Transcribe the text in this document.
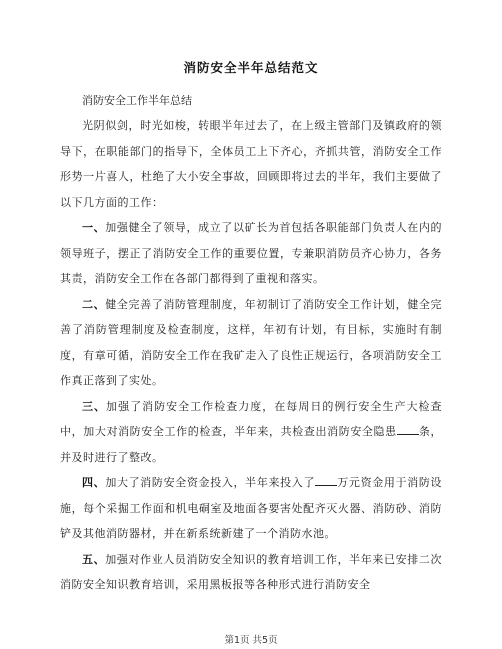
消防安全半年总结范文

消防安全工作半年总结

光阴似剑，时光如梭，转眼半年过去了，在上级主管部门及镇政府的领导下，在职能部门的指导下，全体员工上下齐心，齐抓共管，消防安全工作形势一片喜人，杜绝了大小安全事故，回顾即将过去的半年，我们主要做了以下几方面的工作：

一、加强健全了领导，成立了以矿长为首包括各职能部门负责人在内的领导班子，摆正了消防安全工作的重要位置，专兼职消防员齐心协力，各务其责，消防安全工作在各部门都得到了重视和落实。

二、健全完善了消防管理制度，年初制订了消防安全工作计划，健全完善了消防管理制度及检查制度，这样，年初有计划，有目标，实施时有制度，有章可循，消防安全工作在我矿走入了良性正规运行，各项消防安全工作真正落到了实处。

三、加强了消防安全工作检查力度，在每周日的例行安全生产大检查中，加大对消防安全工作的检查，半年来，共检查出消防安全隐患 条，并及时进行了整改。

四、加大了消防安全资金投入，半年来投入了 万元资金用于消防设施，每个采掘工作面和机电硐室及地面各要害处配齐灭火器、消防砂、消防铲及其他消防器材，并在新系统新建了一个消防水池。

五、加强对作业人员消防安全知识的教育培训工作，半年来已安排二次消防安全知识教育培训，采用黑板报等各种形式进行消防安全

第1页 共5页
